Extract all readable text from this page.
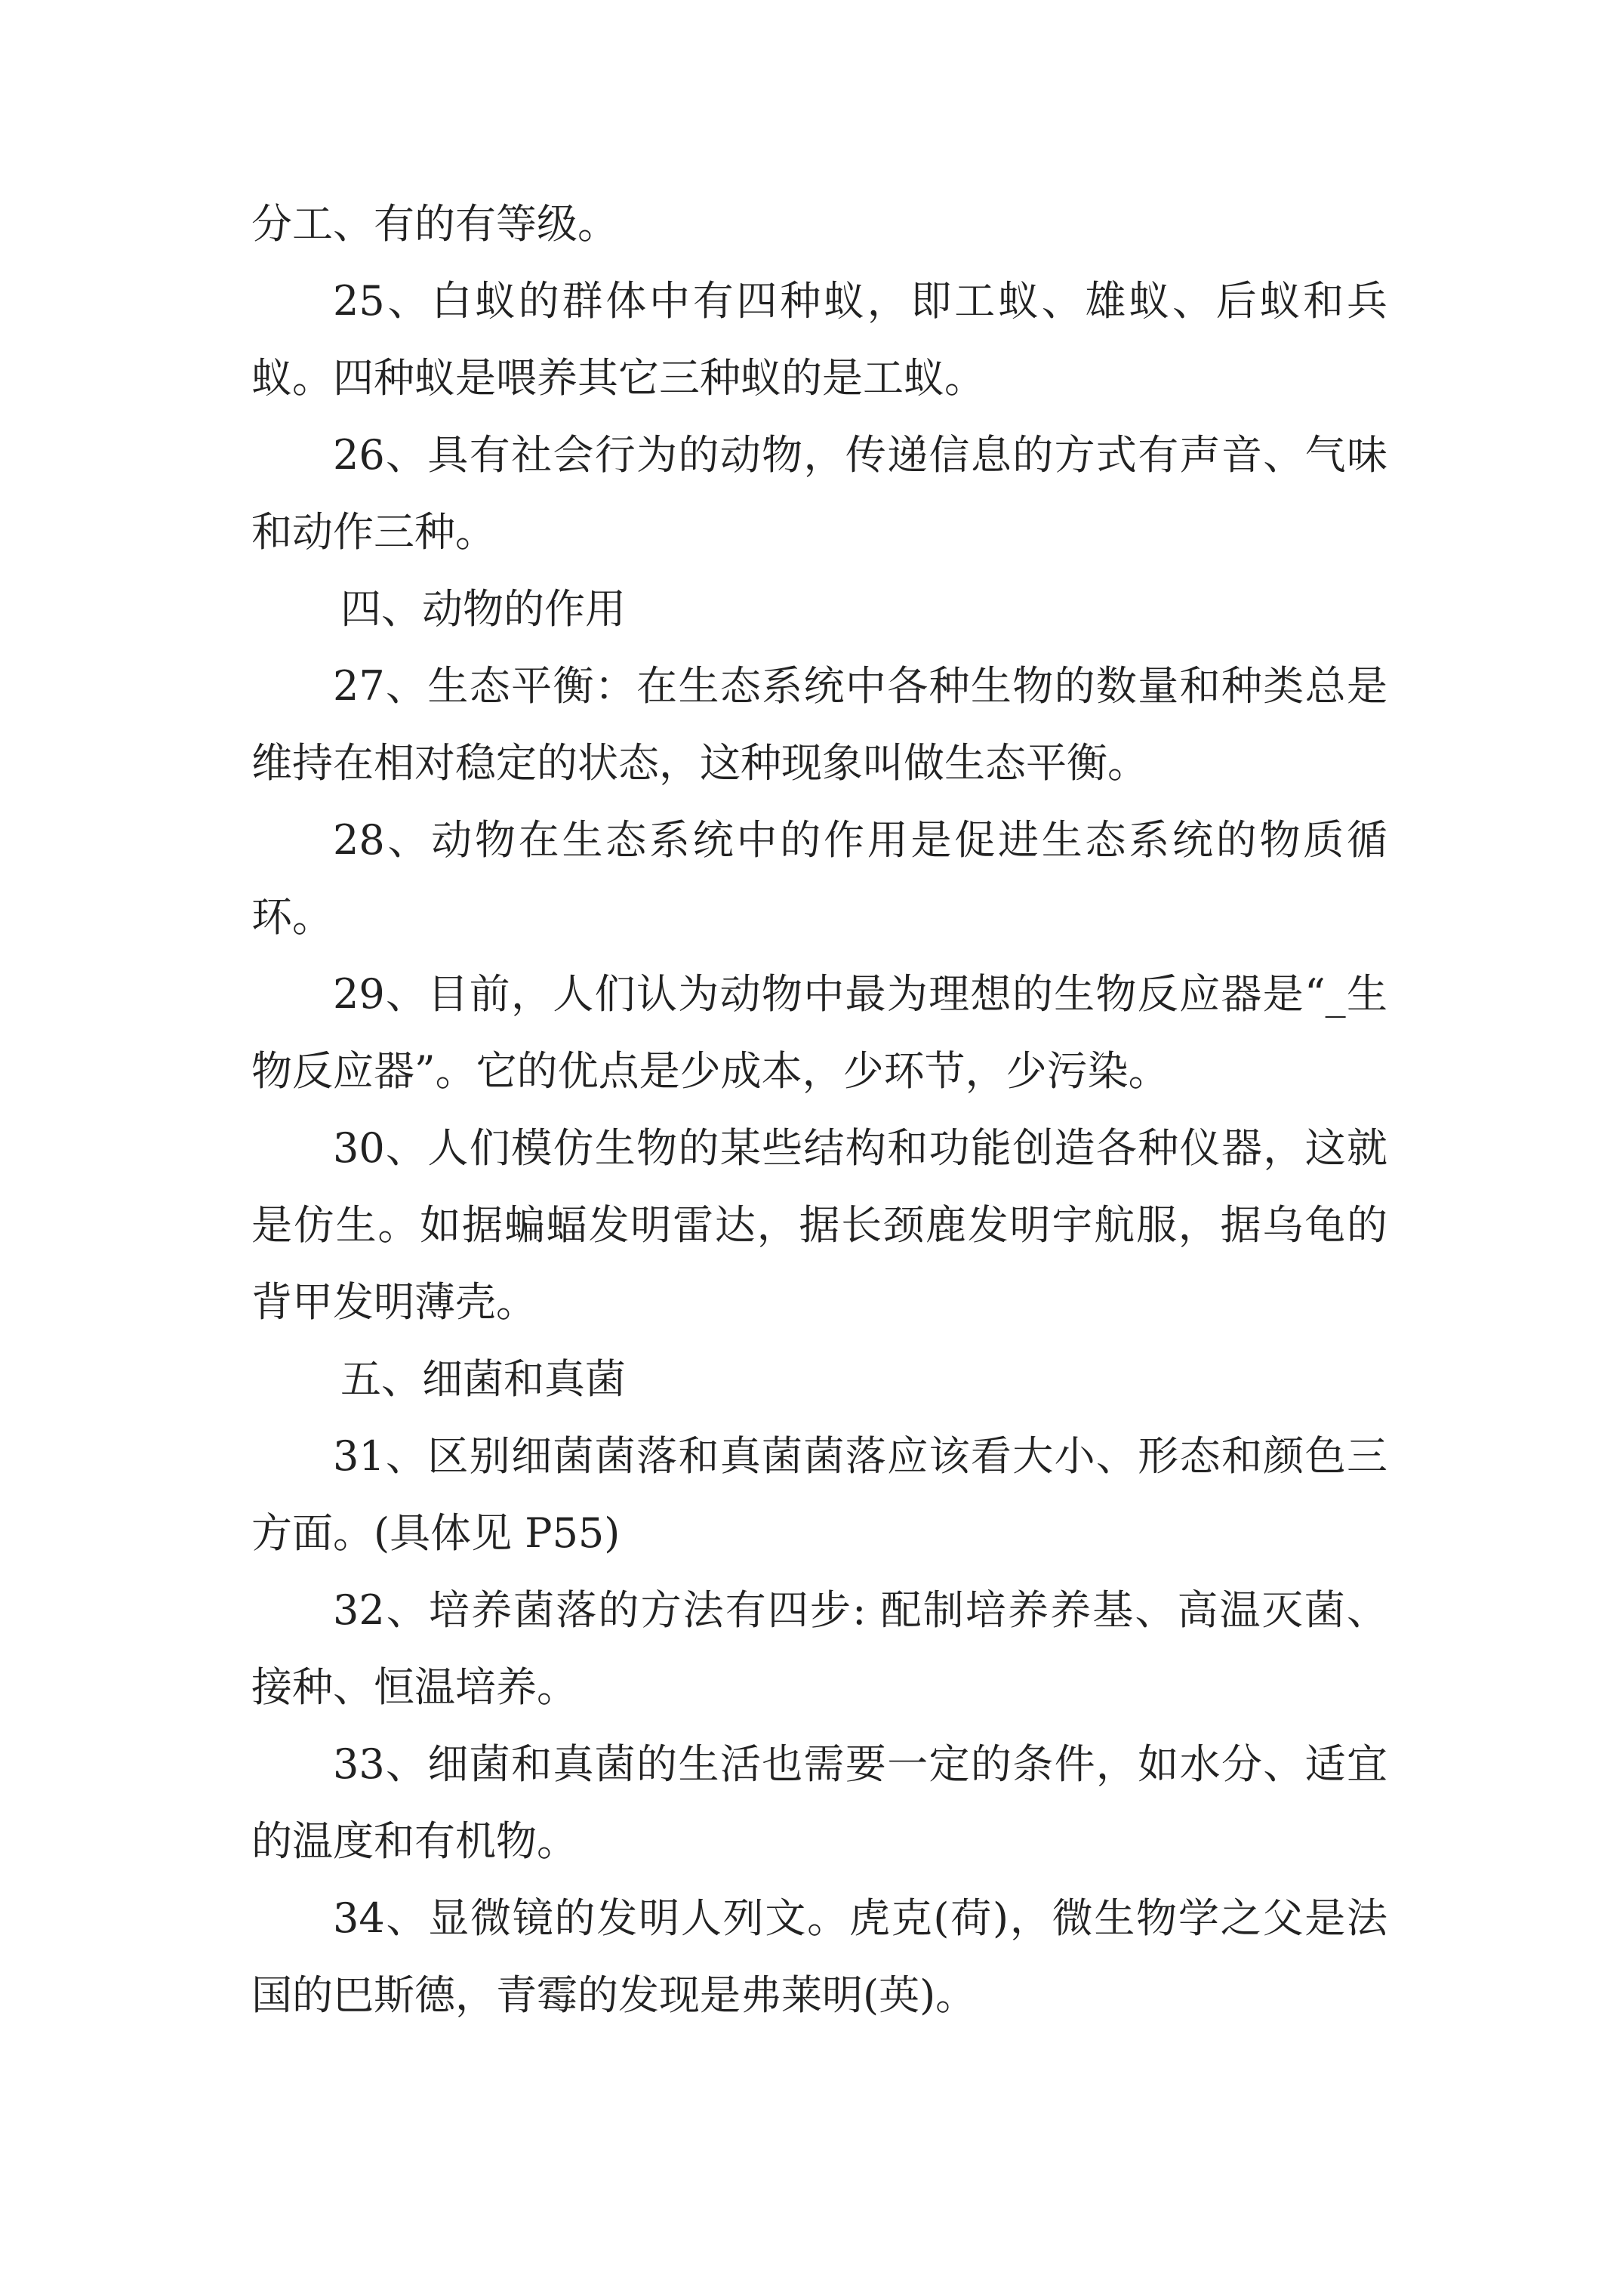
分工、有的有等级。

25、白蚁的群体中有四种蚁，即工蚁、雄蚁、后蚁和兵蚁。四种蚁是喂养其它三种蚁的是工蚁。

26、具有社会行为的动物，传递信息的方式有声音、气味和动作三种。

四、动物的作用

27、生态平衡：在生态系统中各种生物的数量和种类总是维持在相对稳定的状态，这种现象叫做生态平衡。

28、动物在生态系统中的作用是促进生态系统的物质循环。

29、目前，人们认为动物中最为理想的生物反应器是“_生物反应器”。它的优点是少成本，少环节，少污染。

30、人们模仿生物的某些结构和功能创造各种仪器，这就是仿生。如据蝙蝠发明雷达，据长颈鹿发明宇航服，据乌龟的背甲发明薄壳。

五、细菌和真菌

31、区别细菌菌落和真菌菌落应该看大小、形态和颜色三方面。(具体见 P55)

32、培养菌落的方法有四步: 配制培养养基、高温灭菌、接种、恒温培养。

33、细菌和真菌的生活也需要一定的条件，如水分、适宜的温度和有机物。

34、显微镜的发明人列文。虎克(荷)，微生物学之父是法国的巴斯德，青霉的发现是弗莱明(英)。
